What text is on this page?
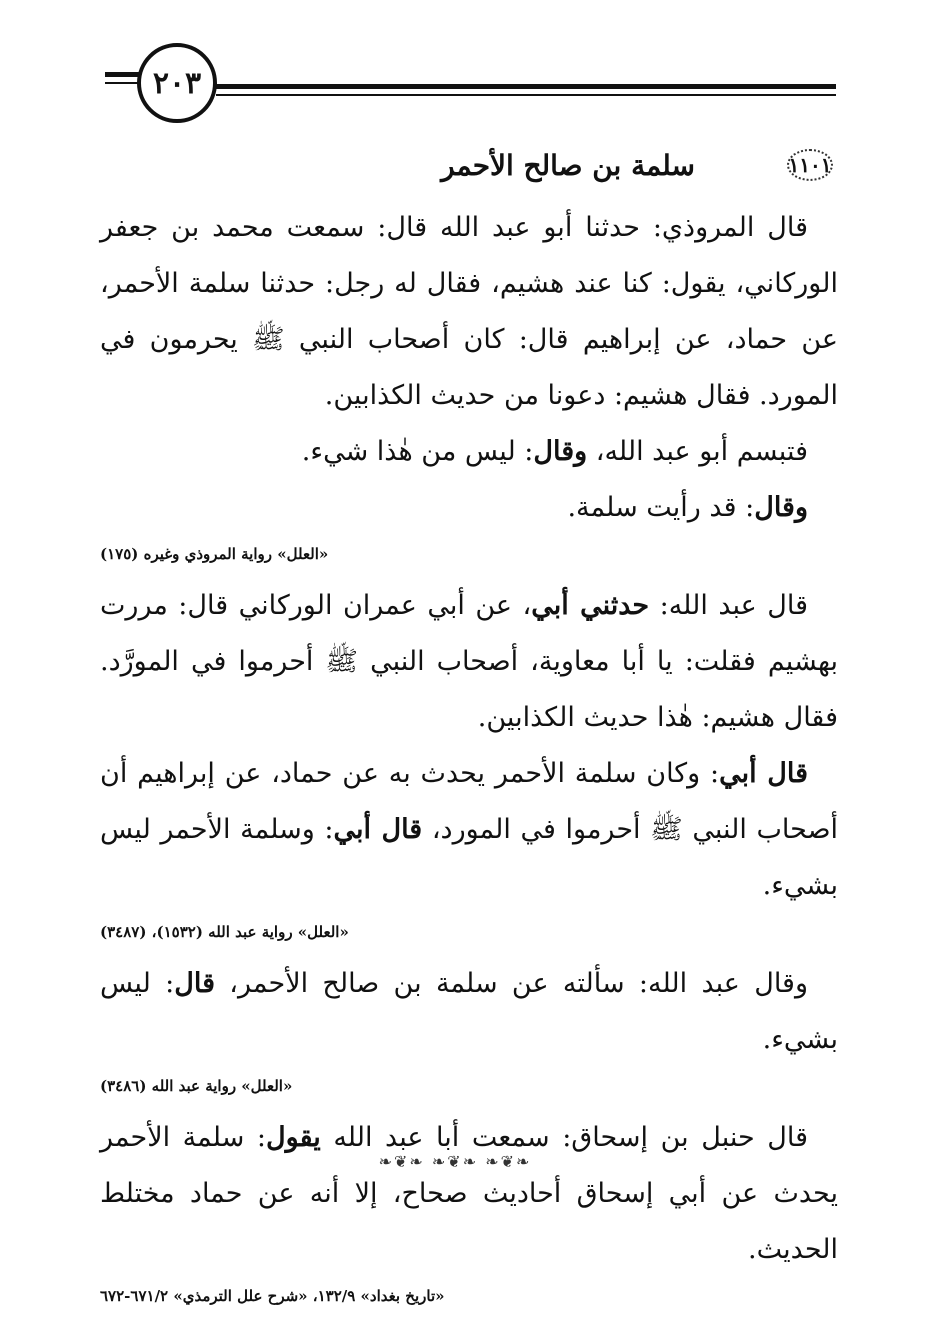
٢٠٣
١١٠١
سلمة بن صالح الأحمر

قال المروذي: حدثنا أبو عبد الله قال: سمعت محمد بن جعفر الوركاني، يقول: كنا عند هشيم، فقال له رجل: حدثنا سلمة الأحمر، عن حماد، عن إبراهيم قال: كان أصحاب النبي ﷺ يحرمون في المورد. فقال هشيم: دعونا من حديث الكذابين.

فتبسم أبو عبد الله، وقال: ليس من هٰذا شيء.

وقال: قد رأيت سلمة.

«العلل» رواية المروذي وغيره (١٧٥)

قال عبد الله: حدثني أبي، عن أبي عمران الوركاني قال: مررت بهشيم فقلت: يا أبا معاوية، أصحاب النبي ﷺ أحرموا في المورَّد. فقال هشيم: هٰذا حديث الكذابين.

قال أبي: وكان سلمة الأحمر يحدث به عن حماد، عن إبراهيم أن أصحاب النبي ﷺ أحرموا في المورد، قال أبي: وسلمة الأحمر ليس بشيء.

«العلل» رواية عبد الله (١٥٣٢)، (٣٤٨٧)

وقال عبد الله: سألته عن سلمة بن صالح الأحمر، قال: ليس بشيء.

«العلل» رواية عبد الله (٣٤٨٦)

قال حنبل بن إسحاق: سمعت أبا عبد الله يقول: سلمة الأحمر يحدث عن أبي إسحاق أحاديث صحاح، إلا أنه عن حماد مختلط الحديث.

«تاريخ بغداد» ١٣٢/٩، «شرح علل الترمذي» ٦٧١/٢-٦٧٢
❧❦❧ ❧❦❧ ❧❦❧
